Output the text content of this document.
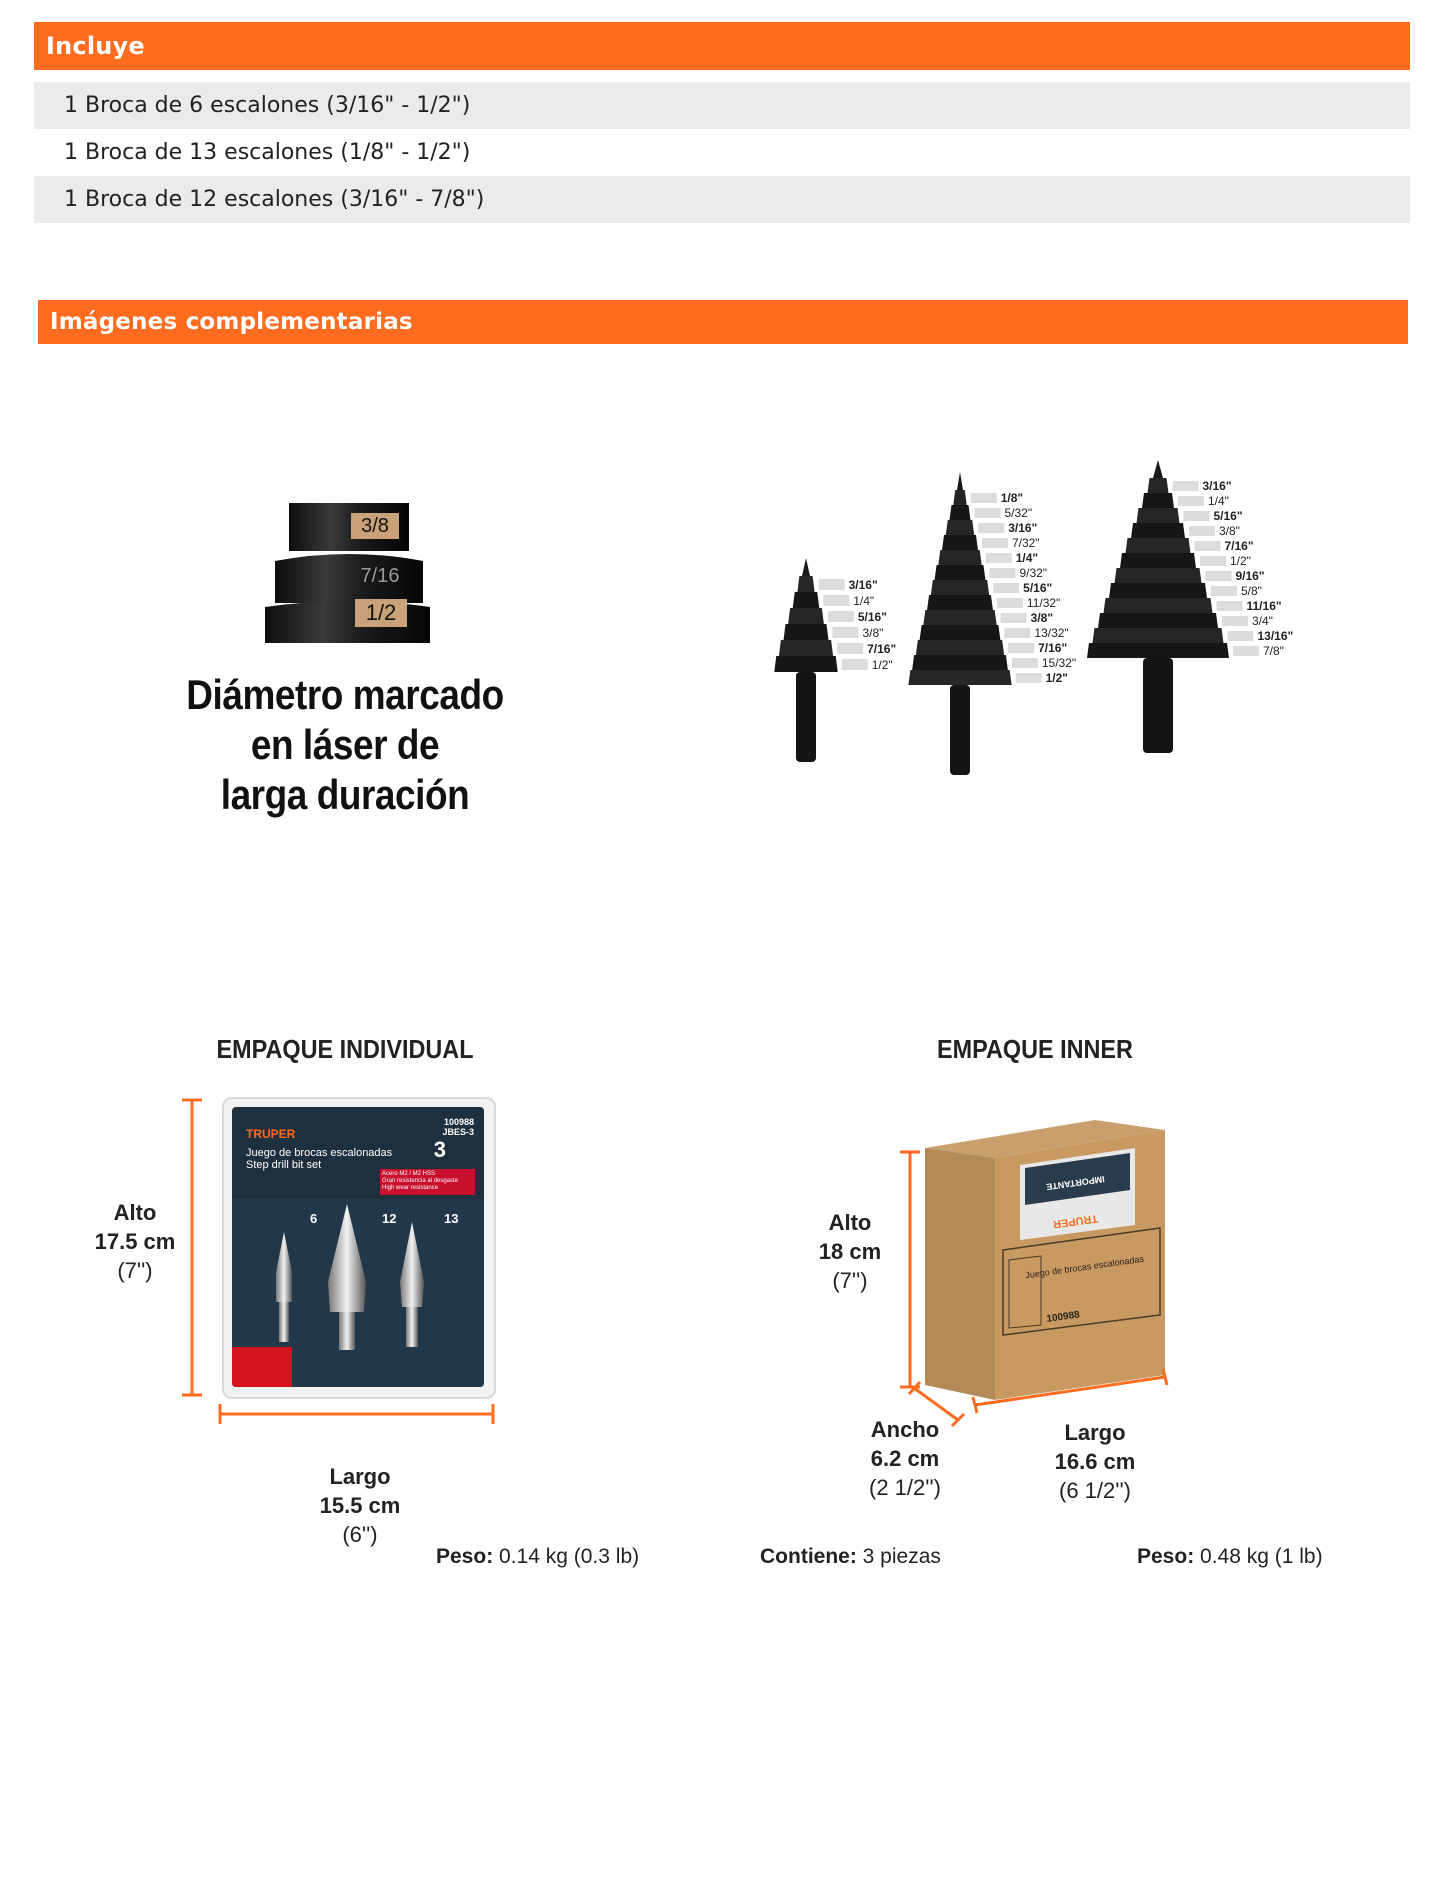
Incluye
1 Broca de 6 escalones (3/16" - 1/2")
1 Broca de 13 escalones (1/8" - 1/2")
1 Broca de 12 escalones (3/16" - 7/8")
Imágenes complementarias
3/8
7/16
1/2
Diámetro marcado
en láser de
larga duración
3/16"
1/4"
5/16"
3/8"
7/16"
1/2"
1/8"
5/32"
3/16"
7/32"
1/4"
9/32"
5/16"
11/32"
3/8"
13/32"
7/16"
15/32"
1/2"
3/16"
1/4"
5/16"
3/8"
7/16"
1/2"
9/16"
5/8"
11/16"
3/4"
13/16"
7/8"
EMPAQUE INDIVIDUAL
Alto
17.5 cm
(7'')
TRUPER
100988
JBES-3
Juego de brocas escalonadas
Step drill bit set
3
Acero M2 / M2 HSS
Gran resistencia al desgaste
High wear resistance
6	12	13
Largo
15.5 cm
(6'')
Peso: 0.14 kg (0.3 lb)
EMPAQUE INNER
Alto
18 cm
(7'')
Juego de brocas escalonadas
100988
IMPORTANTE
TRUPER
Ancho
6.2 cm
(2 1/2'')
Largo
16.6 cm
(6 1/2'')
Contiene: 3 piezas	Peso: 0.48 kg (1 lb)
